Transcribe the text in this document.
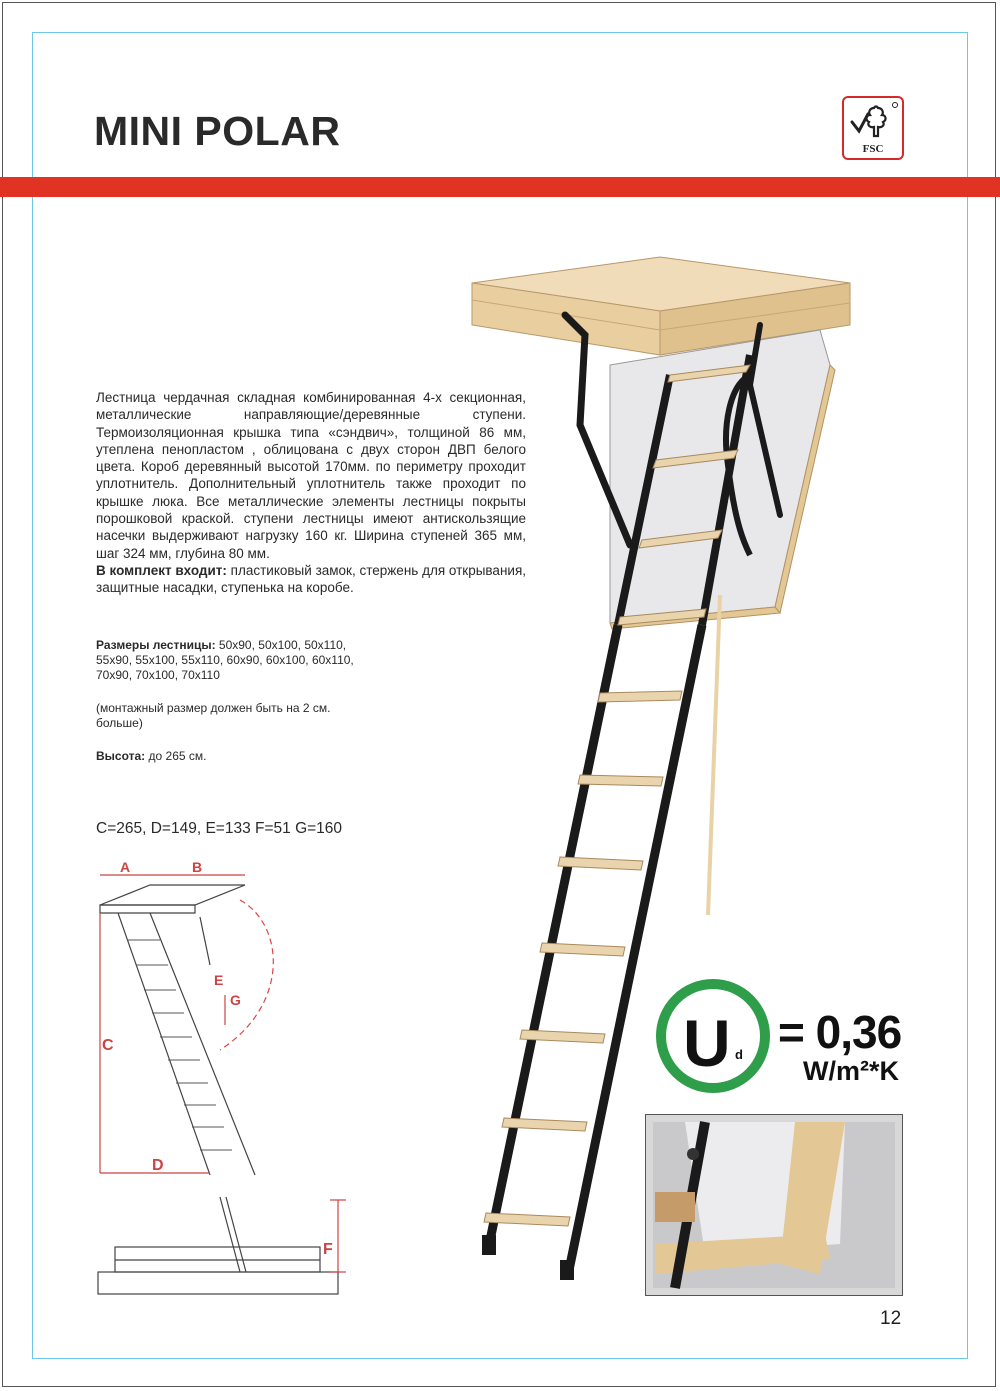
MINI POLAR	FSC

Лестница чердачная складная комбинированная 4-х секционная, металлические направляющие/деревянные ступени. Термоизоляционная крышка типа «сэндвич», толщиной 86 мм, утеплена пенопластом , облицована с двух сторон ДВП белого цвета. Короб деревянный высотой 170мм. по периметру проходит уплотнитель. Дополнительный уплотнитель также проходит по крышке люка. Все металлические элементы лестницы покрыты порошковой краской. ступени лестницы имеют антискользящие насечки выдерживают нагрузку 160 кг. Ширина ступеней 365 мм, шаг 324 мм, глубина 80 мм.

В комплект входит: пластиковый замок, стержень для открывания, защитные насадки, ступенька на коробе.

Размеры лестницы: 50x90, 50x100, 50x110, 55x90, 55x100, 55x110, 60x90, 60x100, 60x110, 70x90, 70x100, 70x110

(монтажный размер должен быть на 2 см. больше)

Высота: до 265 см.

C=265, D=149, E=133 F=51 G=160
A	B
C
D
E
G
F
U d = 0,36
W/m²*K
12
